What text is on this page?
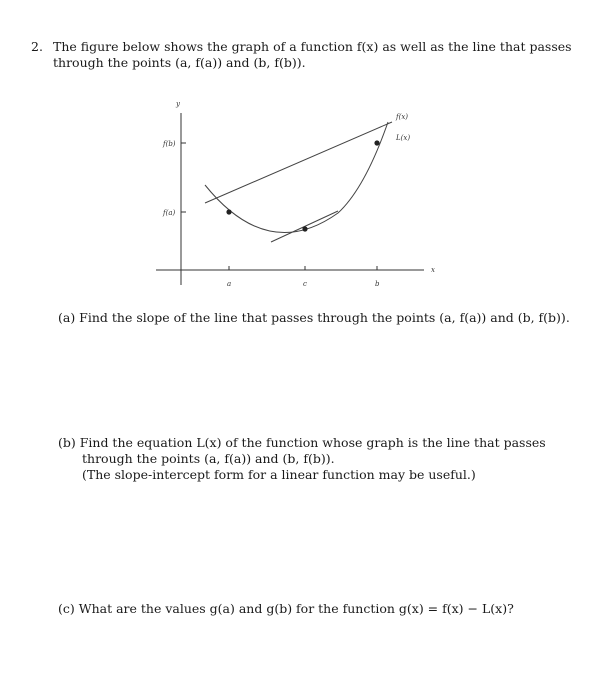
2. The figure below shows the graph of a function f(x) as well as the line that passes
through the points (a, f(a)) and (b, f(b)).
y
x
f(b)
f(a)
f(x)
L(x)
a	c	b
(a) Find the slope of the line that passes through the points (a, f(a)) and (b, f(b)).
(b) Find the equation L(x) of the function whose graph is the line that passes
through the points (a, f(a)) and (b, f(b)).
(The slope-intercept form for a linear function may be useful.)
(c) What are the values g(a) and g(b) for the function g(x) = f(x) − L(x)?
